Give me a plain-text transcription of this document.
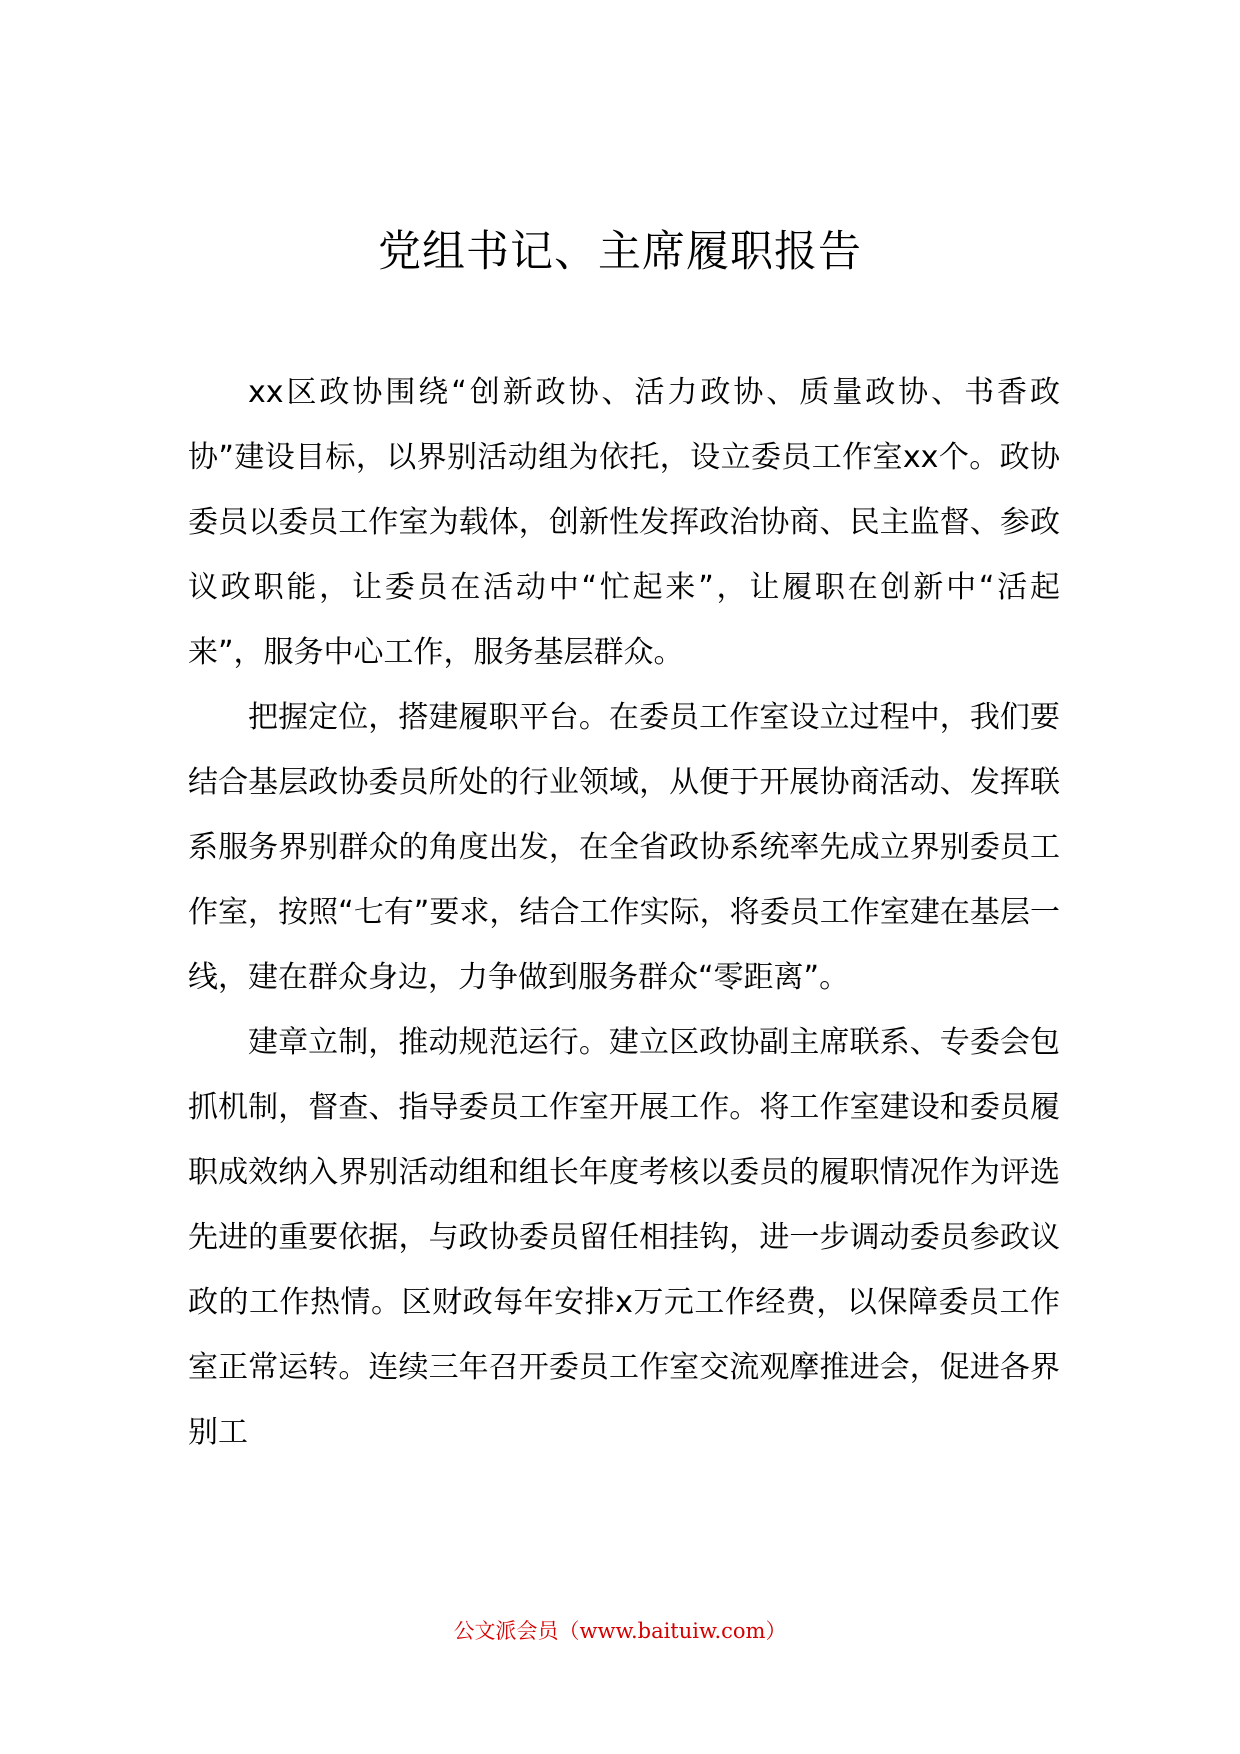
党组书记、主席履职报告

xx区政协围绕“创新政协、活力政协、质量政协、书香政协”建设目标，以界别活动组为依托，设立委员工作室xx个。政协委员以委员工作室为载体，创新性发挥政治协商、民主监督、参政议政职能，让委员在活动中“忙起来”，让履职在创新中“活起来”，服务中心工作，服务基层群众。

把握定位，搭建履职平台。在委员工作室设立过程中，我们要结合基层政协委员所处的行业领域，从便于开展协商活动、发挥联系服务界别群众的角度出发，在全省政协系统率先成立界别委员工作室，按照“七有”要求，结合工作实际，将委员工作室建在基层一线，建在群众身边，力争做到服务群众“零距离”。

建章立制，推动规范运行。建立区政协副主席联系、专委会包抓机制，督查、指导委员工作室开展工作。将工作室建设和委员履职成效纳入界别活动组和组长年度考核以委员的履职情况作为评选先进的重要依据，与政协委员留任相挂钩，进一步调动委员参政议政的工作热情。区财政每年安排x万元工作经费，以保障委员工作室正常运转。连续三年召开委员工作室交流观摩推进会，促进各界别工

公文派会员（www.baituiw.com）
